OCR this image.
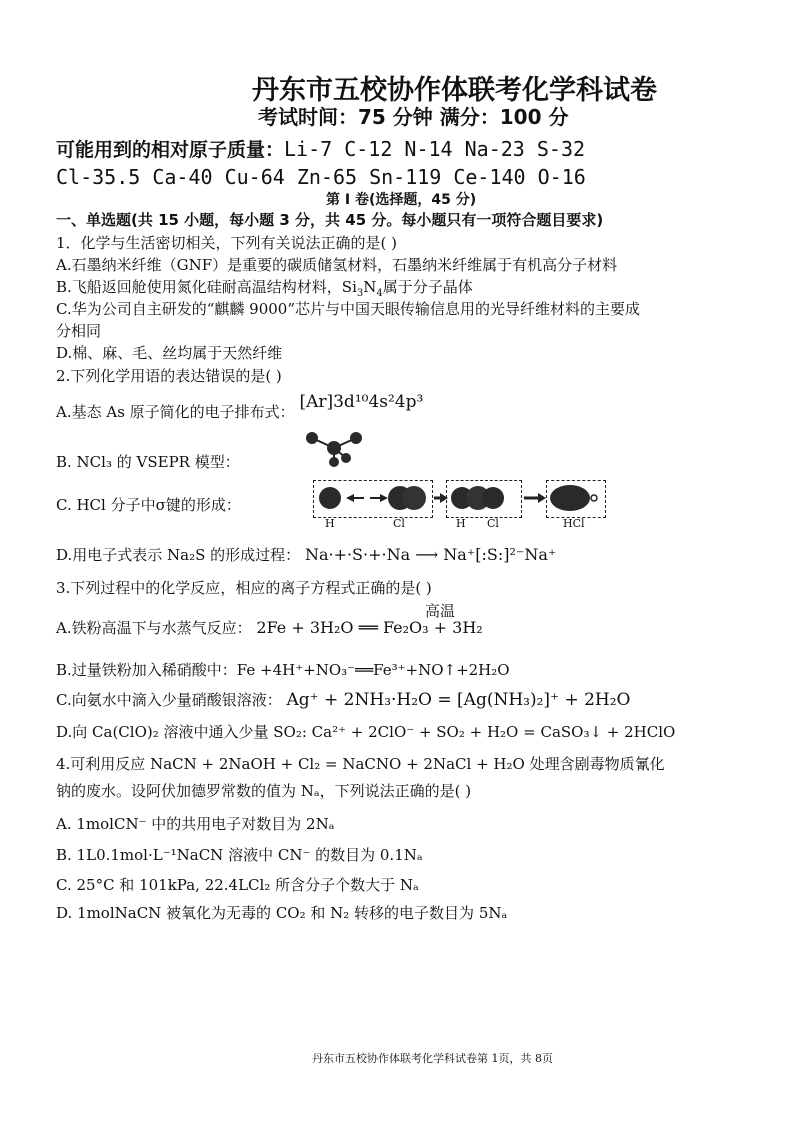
丹东市五校协作体联考化学科试卷
考试时间：75 分钟 满分：100 分
可能用到的相对原子质量：Li-7 C-12 N-14 Na-23 S-32
Cl-35.5 Ca-40 Cu-64 Zn-65 Sn-119 Ce-140 O-16
第 I 卷(选择题，45 分)
一、单选题(共 15 小题，每小题 3 分，共 45 分。每小题只有一项符合题目要求)
1．化学与生活密切相关，下列有关说法正确的是( )
A.石墨纳米纤维（GNF）是重要的碳质储氢材料，石墨纳米纤维属于有机高分子材料
B.飞船返回舱使用氮化硅耐高温结构材料，$Si_3N_4$属于分子晶体
C.华为公司自主研发的“麒麟 9000”芯片与中国天眼传输信息用的光导纤维材料的主要成
分相同
D.棉、麻、毛、丝均属于天然纤维
2.下列化学用语的表达错误的是( )
A.基态 As 原子简化的电子排布式： [Ar]3d¹⁰4s²4p³
B. NCl₃ 的 VSEPR 模型：
C. HCl 分子中σ键的形成：
H	Cl	H Cl	HCl
D.用电子式表示 Na₂S 的形成过程： Na·+·S·+·Na ⟶ Na⁺[:S:]²⁻Na⁺
3.下列过程中的化学反应，相应的离子方程式正确的是( )
高温
A.铁粉高温下与水蒸气反应： 2Fe + 3H₂O ══ Fe₂O₃ + 3H₂
B.过量铁粉加入稀硝酸中：Fe +4H⁺+NO₃⁻══Fe³⁺+NO↑+2H₂O
C.向氨水中滴入少量硝酸银溶液： Ag⁺ + 2NH₃·H₂O = [Ag(NH₃)₂]⁺ + 2H₂O
D.向 Ca(ClO)₂ 溶液中通入少量 SO₂: Ca²⁺ + 2ClO⁻ + SO₂ + H₂O = CaSO₃↓ + 2HClO
4.可利用反应 NaCN + 2NaOH + Cl₂ = NaCNO + 2NaCl + H₂O 处理含剧毒物质氰化
钠的废水。设阿伏加德罗常数的值为 Nₐ，下列说法正确的是( )
A. 1molCN⁻ 中的共用电子对数目为 2Nₐ
B. 1L0.1mol·L⁻¹NaCN 溶液中 CN⁻ 的数目为 0.1Nₐ
C. 25°C 和 101kPa, 22.4LCl₂ 所含分子个数大于 Nₐ
D. 1molNaCN 被氧化为无毒的 CO₂ 和 N₂ 转移的电子数目为 5Nₐ
丹东市五校协作体联考化学科试卷第 1页，共 8页
